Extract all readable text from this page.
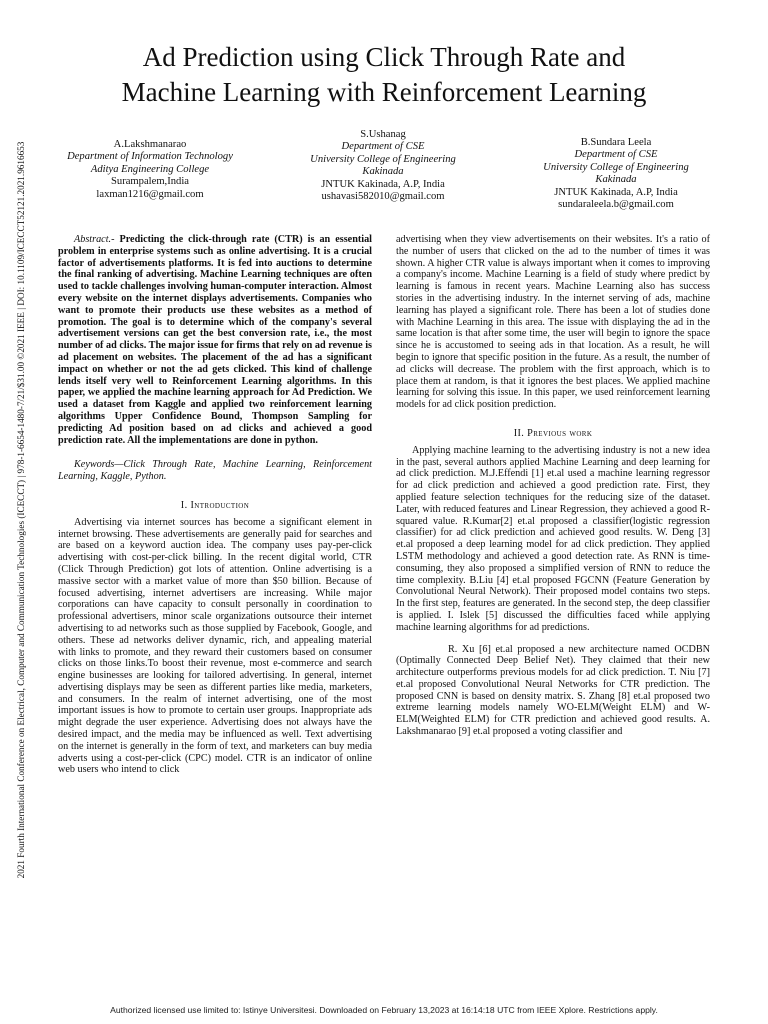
Ad Prediction using Click Through Rate and
Machine Learning with Reinforcement Learning
2021 Fourth International Conference on Electrical, Computer and Communication Technologies (ICECCT) | 978-1-6654-1480-7/21/$31.00 ©2021 IEEE | DOI: 10.1109/ICECCT52121.2021.9616653	A.Lakshmanarao
Department of Information Technology
Aditya Engineering College
Surampalem,India
laxman1216@gmail.com
S.Ushanag
Department of CSE
University College of Engineering
Kakinada
JNTUK Kakinada, A.P, India
ushavasi582010@gmail.com
B.Sundara Leela
Department of CSE
University College of Engineering
Kakinada
JNTUK Kakinada, A.P, India
sundaraleela.b@gmail.com

Abstract.- Predicting the click-through rate (CTR) is an essential problem in enterprise systems such as online advertising. It is a crucial factor of advertisements platforms. It is fed into auctions to determine the final ranking of advertising. Machine Learning techniques are often used to tackle challenges involving human-computer interaction. Almost every website on the internet displays advertisements. Companies who want to promote their products use these websites as a method of promotion. The goal is to determine which of the company's several advertisement versions can get the best conversion rate, i.e., the most number of ad clicks. The major issue for firms that rely on ad revenue is ad placement on websites. The placement of the ad has a significant impact on whether or not the ad gets clicked. This kind of challenge lends itself very well to Reinforcement Learning algorithms. In this paper, we applied the machine learning approach for Ad Prediction. We used a dataset from Kaggle and applied two reinforcement learning algorithms Upper Confidence Bound, Thompson Sampling for predicting Ad position based on ad clicks and achieved a good prediction rate. All the implementations are done in python.

Keywords—Click Through Rate, Machine Learning, Reinforcement Learning, Kaggle, Python.

I. Introduction

Advertising via internet sources has become a significant element in internet browsing. These advertisements are generally paid for searches and are based on a keyword auction idea. The company uses pay-per-click advertising with cost-per-click billing. In the recent digital world, CTR (Click Through Prediction) got lots of attention. Online advertising is a massive sector with a market value of more than $50 billion. Because of focused advertising, internet advertisers are increasing. While major corporations can have capacity to consult personally in coordination to professional advertisers, minor scale organizations outsource their internet advertising to ad networks such as those supplied by Facebook, Google, and others. These ad networks deliver dynamic, rich, and appealing material with links to promote, and they reward their customers based on consumer clicks on those links.To boost their revenue, most e-commerce and search engine businesses are looking for tailored advertising. In general, internet advertising displays may be seen as different parties like media, marketers, and consumers. In the realm of internet advertising, one of the most important issues is how to promote to certain user groups. Inappropriate ads might degrade the user experience. Advertising does not always have the desired impact, and the media may be influenced as well. Text advertising on the internet is generally in the form of text, and marketers can buy media adverts using a cost-per-click (CPC) model. CTR is an indicator of online web users who intend to click

advertising when they view advertisements on their websites. It's a ratio of the number of users that clicked on the ad to the number of times it was shown. A higher CTR value is always important when it comes to improving a company's income. Machine Learning is a field of study where predict by learning is famous in recent years. Machine Learning also has success stories in the advertising industry. In the internet serving of ads, machine learning has played a significant role. There has been a lot of studies done with Machine Learning in this area. The issue with displaying the ad in the same location is that after some time, the user will begin to ignore the space since he is accustomed to seeing ads in that location. As a result, he will begin to ignore that specific position in the future. As a result, the number of ad clicks will decrease. The problem with the first approach, which is to place them at random, is that it ignores the best places. We applied machine learning for solving this issue. In this paper, we used reinforcement learning models for ad click position prediction.

II. Previous work

Applying machine learning to the advertising industry is not a new idea in the past, several authors applied Machine Learning and deep learning for ad click prediction. M.J.Effendi [1] et.al used a machine learning regressor for ad click prediction and achieved a good prediction rate. First, they applied feature selection techniques for the reducing size of the dataset. Later, with reduced features and Linear Regression, they achieved a good R-squared value. R.Kumar[2] et.al proposed a classifier(logistic regression classifier) for ad click prediction and achieved good results. W. Deng [3] et.al proposed a deep learning model for ad click prediction. They applied LSTM methodology and achieved a good detection rate. As RNN is time-consuming, they also proposed a simplified version of RNN to reduce the time complexity. B.Liu [4] et.al proposed FGCNN (Feature Generation by Convolutional Neural Network). Their proposed model contains two steps. In the first step, features are generated. In the second step, the deep classifier is applied. I. Islek [5] discussed the difficulties faced while applying machine learning algorithms for ad predictions.

R. Xu [6] et.al proposed a new architecture named OCDBN (Optimally Connected Deep Belief Net). They claimed that their new architecture outperforms previous models for ad click prediction. T. Niu [7] et.al proposed Convolutional Neural Networks for CTR prediction. The proposed CNN is based on density matrix. S. Zhang [8] et.al proposed two extreme learning models namely WO-ELM(Weight ELM) and W-ELM(Weighted ELM) for CTR prediction and achieved good results. A. Lakshmanarao [9] et.al proposed a voting classifier and

Authorized licensed use limited to: Istinye Universitesi. Downloaded on February 13,2023 at 16:14:18 UTC from IEEE Xplore. Restrictions apply.
